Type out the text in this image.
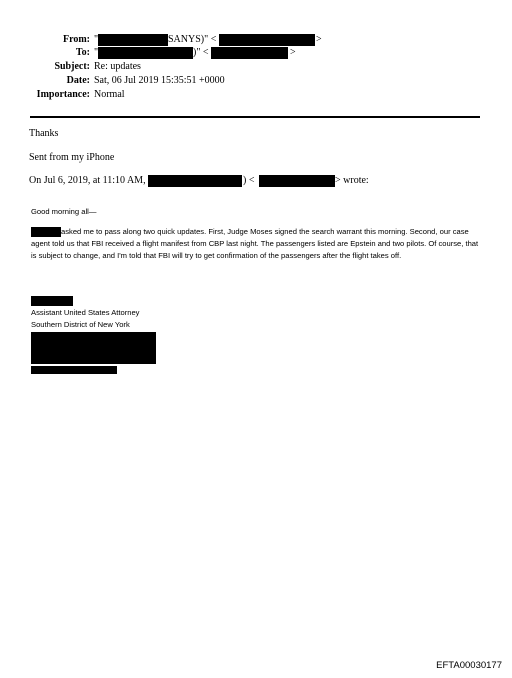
From: "	SANYS)" <	>
To: "	)" <	>
Subject: Re: updates
Date: Sat, 06 Jul 2019 15:35:51 +0000
Importance: Normal
Thanks
Sent from my iPhone
On Jul 6, 2019, at 11:10 AM,	) <	> wrote:
Good morning all—
asked me to pass along two quick updates. First, Judge Moses signed the search warrant this morning. Second, our case agent told us that FBI received a flight manifest from CBP last night. The passengers listed are Epstein and two pilots. Of course, that is subject to change, and I'm told that FBI will try to get confirmation of the passengers after the flight takes off.
Assistant United States Attorney
Southern District of New York
EFTA00030177
